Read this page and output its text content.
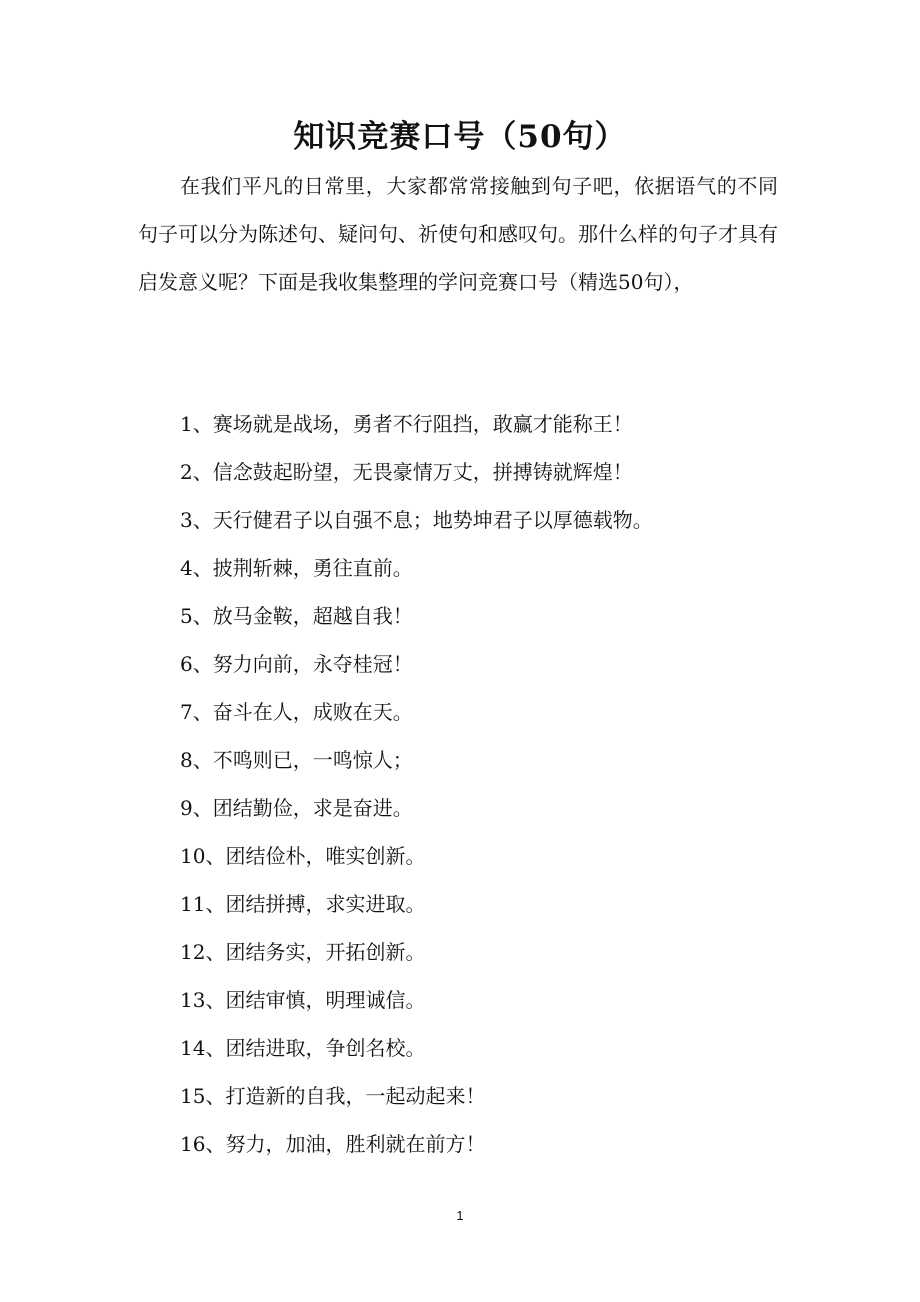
知识竞赛口号（50句）

在我们平凡的日常里，大家都常常接触到句子吧，依据语气的不同句子可以分为陈述句、疑问句、祈使句和感叹句。那什么样的句子才具有启发意义呢？下面是我收集整理的学问竞赛口号（精选50句），

1、赛场就是战场，勇者不行阻挡，敢赢才能称王！
2、信念鼓起盼望，无畏豪情万丈，拼搏铸就辉煌！
3、天行健君子以自强不息；地势坤君子以厚德载物。
4、披荆斩棘，勇往直前。
5、放马金鞍，超越自我！
6、努力向前，永夺桂冠！
7、奋斗在人，成败在天。
8、不鸣则已，一鸣惊人；
9、团结勤俭，求是奋进。
10、团结俭朴，唯实创新。
11、团结拼搏，求实进取。
12、团结务实，开拓创新。
13、团结审慎，明理诚信。
14、团结进取，争创名校。
15、打造新的自我，一起动起来！
16、努力，加油，胜利就在前方！
1
